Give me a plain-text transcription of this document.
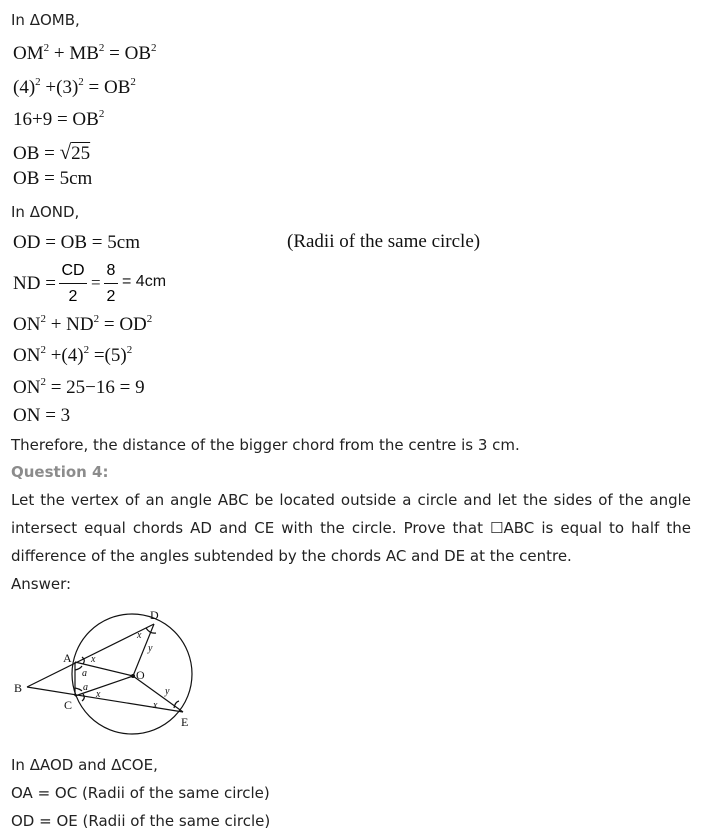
In ΔOMB,
$OM^2 + MB^2 = OB^2$
$(4)^2 +(3)^2 = OB^2$
$16+9 = OB^2$
OB = √25
OB = 5cm
In ΔOND,
OD = OB = 5cm	(Radii of the same circle)
ND =
CD
2
=
8
2
= 4cm
$ON^2 + ND^2 = OD^2$
$ON^2 +(4)^2 =(5)^2$
$ON^2 = 25-16 = 9$
ON = 3
Therefore, the distance of the bigger chord from the centre is 3 cm.
Question 4:
Let the vertex of an angle ABC be located outside a circle and let the sides of the angle intersect equal chords AD and CE with the circle. Prove that ☐ABC is equal to half the difference of the angles subtended by the chords AC and DE at the centre.
Answer:
D
A
B
C
O
E
x
a
a
x
x
y
y
x
In ΔAOD and ΔCOE,
OA = OC (Radii of the same circle)
OD = OE (Radii of the same circle)
